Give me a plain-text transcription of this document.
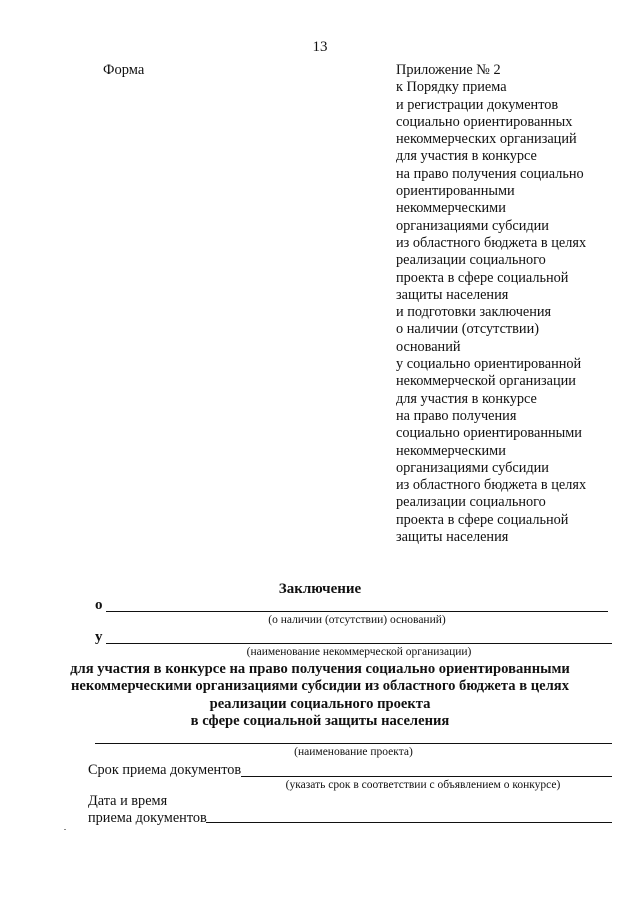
13
Форма	Приложение № 2
к Порядку приема
и регистрации документов
социально ориентированных
некоммерческих организаций
для участия в конкурсе
на право получения социально
ориентированными
некоммерческими
организациями субсидии
из областного бюджета в целях
реализации социального
проекта в сфере социальной
защиты населения
и подготовки заключения
о наличии (отсутствии)
оснований
у социально ориентированной
некоммерческой организации
для участия в конкурсе
на право получения
социально ориентированными
некоммерческими
организациями субсидии
из областного бюджета в целях
реализации социального
проекта в сфере социальной
защиты населения
Заключение
о
(о наличии (отсутствии) оснований)
у
(наименование некоммерческой организации)
для участия в конкурсе на право получения социально ориентированными
некоммерческими организациями субсидии из областного бюджета в целях
реализации социального проекта
в сфере социальной защиты населения
(наименование проекта)
Срок приема документов
(указать срок в соответствии с объявлением о конкурсе)
Дата и время
приема документов
